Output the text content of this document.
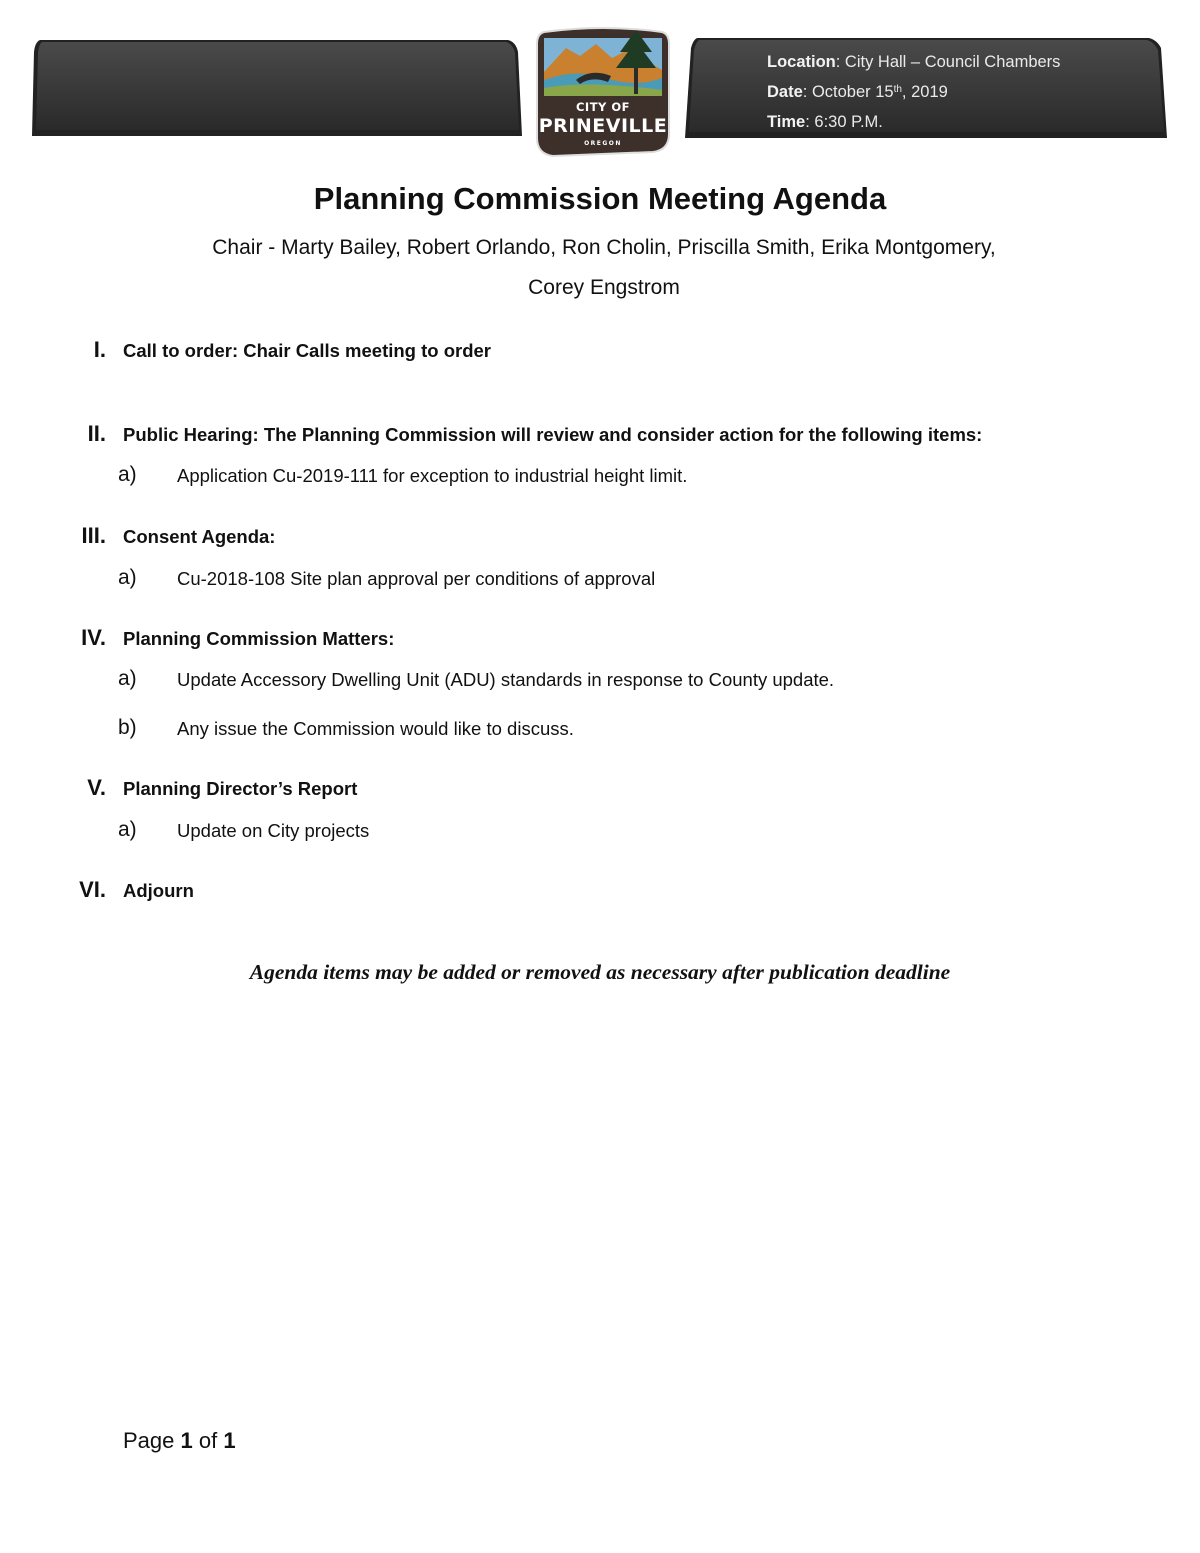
Location: City Hall – Council Chambers
Date: October 15th, 2019
Time: 6:30 P.M.
CITY OF
PRINEVILLE
OREGON
Planning Commission Meeting Agenda
Chair - Marty Bailey, Robert Orlando, Ron Cholin, Priscilla Smith, Erika Montgomery,
Corey Engstrom
I. Call to order: Chair Calls meeting to order
II. Public Hearing: The Planning Commission will review and consider action for the following items:
a) Application Cu-2019-111 for exception to industrial height limit.
III. Consent Agenda:
a) Cu-2018-108 Site plan approval per conditions of approval
IV. Planning Commission Matters:
a) Update Accessory Dwelling Unit (ADU) standards in response to County update.
b) Any issue the Commission would like to discuss.
V. Planning Director’s Report
a) Update on City projects
VI. Adjourn
Agenda items may be added or removed as necessary after publication deadline
Page 1 of 1
